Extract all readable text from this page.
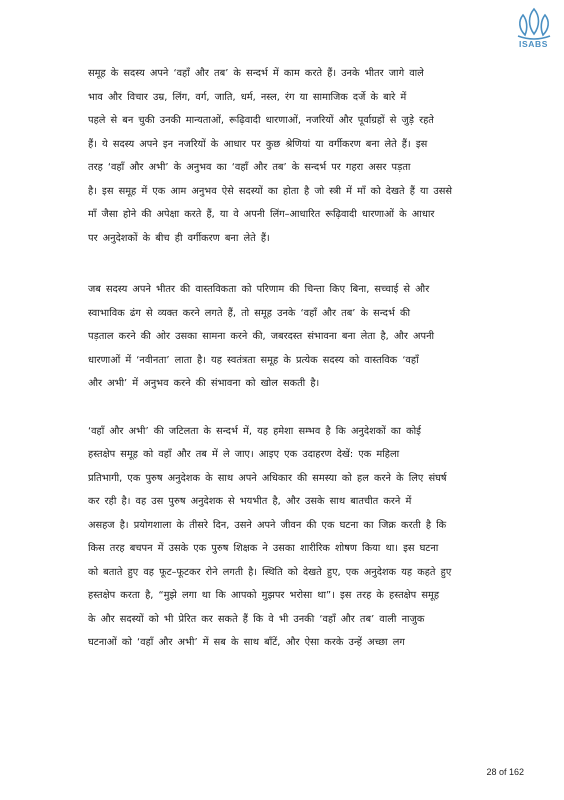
ISABS
समूह के सदस्य अपने ‘वहाँ और तब’ के सन्दर्भ में काम करते हैं। उनके भीतर जागे वाले
भाव और विचार उम्र, लिंग, वर्ग, जाति, धर्म, नस्ल, रंग या सामाजिक दर्जे के बारे में
पहले से बन चुकी उनकी मान्यताओं, रूढ़िवादी धारणाओं, नजरियों और पूर्वाग्रहों से जुड़े रहते
हैं। ये सदस्य अपने इन नजरियों के आधार पर कुछ श्रेणियां या वर्गीकरण बना लेते हैं। इस
तरह ‘वहाँ और अभी’ के अनुभव का ‘वहाँ और तब’ के सन्दर्भ पर गहरा असर पड़ता
है। इस समूह में एक आम अनुभव ऐसे सदस्यों का होता है जो स्त्री में माँ को देखते हैं या उससे
माँ जैसा होने की अपेक्षा करते हैं, या वे अपनी लिंग–आधारित रूढ़िवादी धारणाओं के आधार
पर अनुदेशकों के बीच ही वर्गीकरण बना लेते हैं।
जब सदस्य अपने भीतर की वास्तविकता को परिणाम की चिन्ता किए बिना, सच्चाई से और
स्वाभाविक ढंग से व्यक्त करने लगते हैं, तो समूह उनके ‘वहाँ और तब’ के सन्दर्भ की
पड़ताल करने की ओर उसका सामना करने की, जबरदस्त संभावना बना लेता है, और अपनी
धारणाओं में ‘नवीनता’ लाता है। यह स्वतंत्रता समूह के प्रत्येक सदस्य को वास्तविक ‘वहाँ
और अभी’ में अनुभव करने की संभावना को खोल सकती है।
‘वहाँ और अभी’ की जटिलता के सन्दर्भ में, यह हमेशा सम्भव है कि अनुदेशकों का कोई
हस्तक्षेप समूह को वहाँ और तब में ले जाए। आइए एक उदाहरण देखें: एक महिला
प्रतिभागी, एक पुरुष अनुदेशक के साथ अपने अधिकार की समस्या को हल करने के लिए संघर्ष
कर रही है। वह उस पुरुष अनुदेशक से भयभीत है, और उसके साथ बातचीत करने में
असहज है। प्रयोगशाला के तीसरे दिन, उसने अपने जीवन की एक घटना का जिक्र करती है कि
किस तरह बचपन में उसके एक पुरुष शिक्षक ने उसका शारीरिक शोषण किया था। इस घटना
को बताते हुए वह फूट–फूटकर रोने लगती है। स्थिति को देखते हुए, एक अनुदेशक यह कहते हुए
हस्तक्षेप करता है, “मुझे लगा था कि आपको मुझपर भरोसा था”। इस तरह के हस्तक्षेप समूह
के और सदस्यों को भी प्रेरित कर सकते हैं कि वे भी उनकी ‘वहाँ और तब’ वाली नाजुक
घटनाओं को ‘वहाँ और अभी’ में सब के साथ बाँटें, और ऐसा करके उन्हें अच्छा लग
28 of 162
